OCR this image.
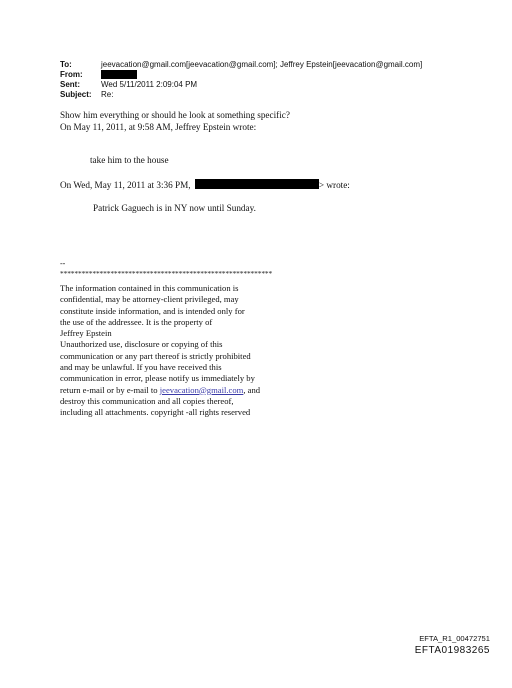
To:	jeevacation@gmail.com[jeevacation@gmail.com]; Jeffrey Epstein[jeevacation@gmail.com]
From:
Sent:	Wed 5/11/2011 2:09:04 PM
Subject:	Re:
Show him everything or should he look at something specific?
On May 11, 2011, at 9:58 AM, Jeffrey Epstein wrote:
take him to the house
On Wed, May 11, 2011 at 3:36 PM,	> wrote:
Patrick Gaguech is in NY now until Sunday.
--
***********************************************************
The information contained in this communication is
confidential, may be attorney-client privileged, may
constitute inside information, and is intended only for
the use of the addressee. It is the property of
Jeffrey Epstein
Unauthorized use, disclosure or copying of this
communication or any part thereof is strictly prohibited
and may be unlawful. If you have received this
communication in error, please notify us immediately by
return e-mail or by e-mail to jeevacation@gmail.com, and
destroy this communication and all copies thereof,
including all attachments. copyright -all rights reserved
EFTA_R1_00472751
EFTA01983265
